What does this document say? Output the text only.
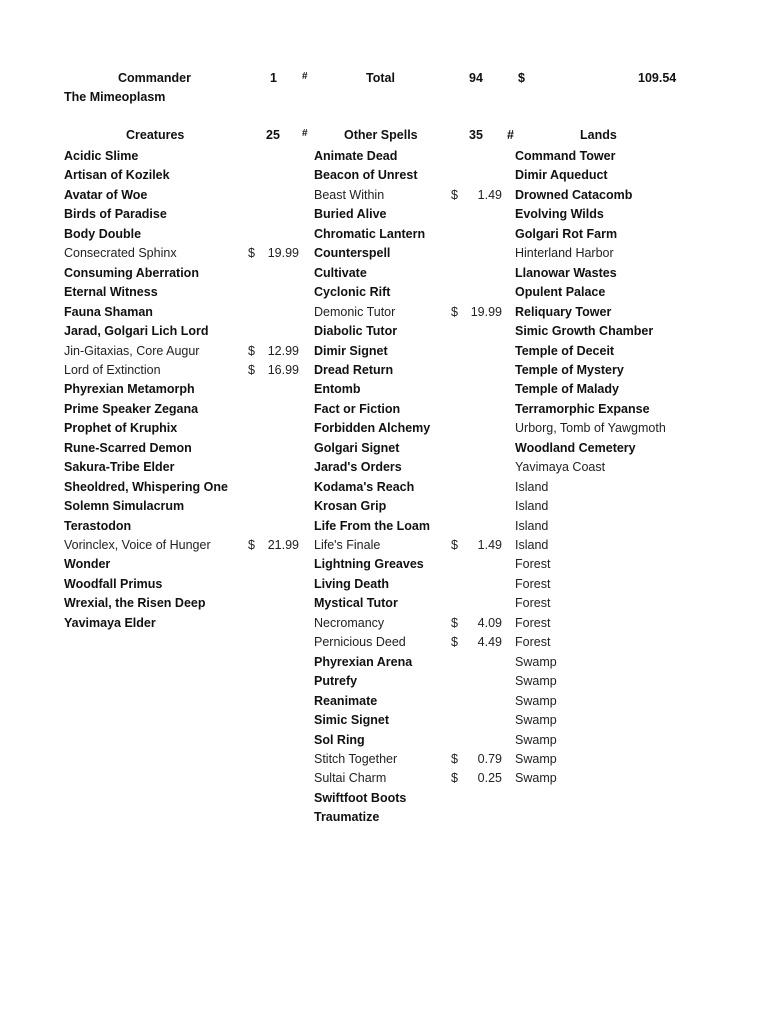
Commander	1	#	Total	94	$	109.54
The Mimeoplasm
Creatures	25 #	Other Spells	35 #	Lands
Acidic Slime
Artisan of Kozilek
Avatar of Woe
Birds of Paradise
Body Double
Consecrated Sphinx	$	19.99
Consuming Aberration
Eternal Witness
Fauna Shaman
Jarad, Golgari Lich Lord
Jin-Gitaxias, Core Augur	$	12.99
Lord of Extinction	$	16.99
Phyrexian Metamorph
Prime Speaker Zegana
Prophet of Kruphix
Rune-Scarred Demon
Sakura-Tribe Elder
Sheoldred, Whispering One
Solemn Simulacrum
Terastodon
Vorinclex, Voice of Hunger	$	21.99
Wonder
Woodfall Primus
Wrexial, the Risen Deep
Yavimaya Elder
Animate Dead
Beacon of Unrest
Beast Within	$	1.49
Buried Alive
Chromatic Lantern
Counterspell
Cultivate
Cyclonic Rift
Demonic Tutor	$	19.99
Diabolic Tutor
Dimir Signet
Dread Return
Entomb
Fact or Fiction
Forbidden Alchemy
Golgari Signet
Jarad's Orders
Kodama's Reach
Krosan Grip
Life From the Loam
Life's Finale	$	1.49
Lightning Greaves
Living Death
Mystical Tutor
Necromancy	$	4.09
Pernicious Deed	$	4.49
Phyrexian Arena
Putrefy
Reanimate
Simic Signet
Sol Ring
Stitch Together	$	0.79
Sultai Charm	$	0.25
Swiftfoot Boots
Traumatize
Command Tower
Dimir Aqueduct
Drowned Catacomb
Evolving Wilds
Golgari Rot Farm
Hinterland Harbor
Llanowar Wastes
Opulent Palace
Reliquary Tower
Simic Growth Chamber
Temple of Deceit
Temple of Mystery
Temple of Malady
Terramorphic Expanse
Urborg, Tomb of Yawgmoth
Woodland Cemetery
Yavimaya Coast
Island
Island
Island
Island
Forest
Forest
Forest
Forest
Forest
Swamp
Swamp
Swamp
Swamp
Swamp
Swamp
Swamp
